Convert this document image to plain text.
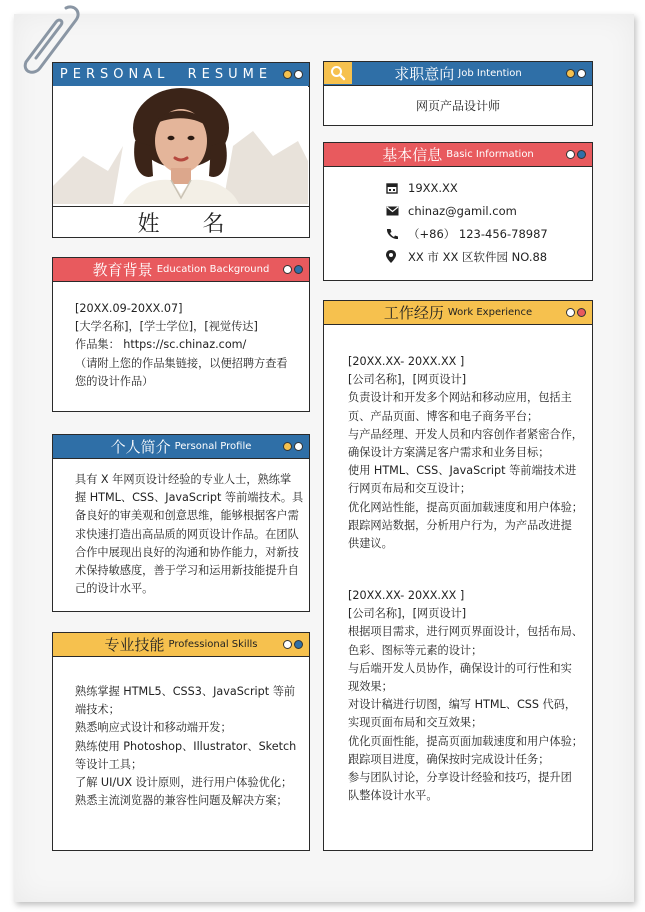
PERSONAL  RESUME
姓 名
求职意向 Job Intention
网页产品设计师
基本信息 Basic Information
19XX.XX
chinaz@gamil.com
（+86） 123-456-78987
XX 市 XX 区软件园 NO.88
教育背景 Education Background

[20XX.09-20XX.07]

[大学名称]，[学士学位]，[视觉传达]

作品集： https://sc.chinaz.com/

（请附上您的作品集链接，以便招聘方查看

您的设计作品）

个人简介 Personal Profile

具有 X 年网页设计经验的专业人士，熟练掌

握 HTML、CSS、JavaScript 等前端技术。具

备良好的审美观和创意思维，能够根据客户需

求快速打造出高品质的网页设计作品。在团队

合作中展现出良好的沟通和协作能力，对新技

术保持敏感度，善于学习和运用新技能提升自

己的设计水平。

专业技能 Professional Skills

熟练掌握 HTML5、CSS3、JavaScript 等前

端技术；

熟悉响应式设计和移动端开发；

熟练使用 Photoshop、Illustrator、Sketch

等设计工具；

了解 UI/UX 设计原则，进行用户体验优化；

熟悉主流浏览器的兼容性问题及解决方案；

工作经历 Work Experience

[20XX.XX- 20XX.XX ]

[公司名称]，[网页设计]

负责设计和开发多个网站和移动应用，包括主

页、产品页面、博客和电子商务平台；

与产品经理、开发人员和内容创作者紧密合作，

确保设计方案满足客户需求和业务目标；

使用 HTML、CSS、JavaScript 等前端技术进

行网页布局和交互设计；

优化网站性能，提高页面加载速度和用户体验；

跟踪网站数据，分析用户行为，为产品改进提

供建议。

[20XX.XX- 20XX.XX ]

[公司名称]，[网页设计]

根据项目需求，进行网页界面设计，包括布局、

色彩、图标等元素的设计；

与后端开发人员协作，确保设计的可行性和实

现效果；

对设计稿进行切图，编写 HTML、CSS 代码，

实现页面布局和交互效果；

优化页面性能，提高页面加载速度和用户体验；

跟踪项目进度，确保按时完成设计任务；

参与团队讨论，分享设计经验和技巧，提升团

队整体设计水平。
